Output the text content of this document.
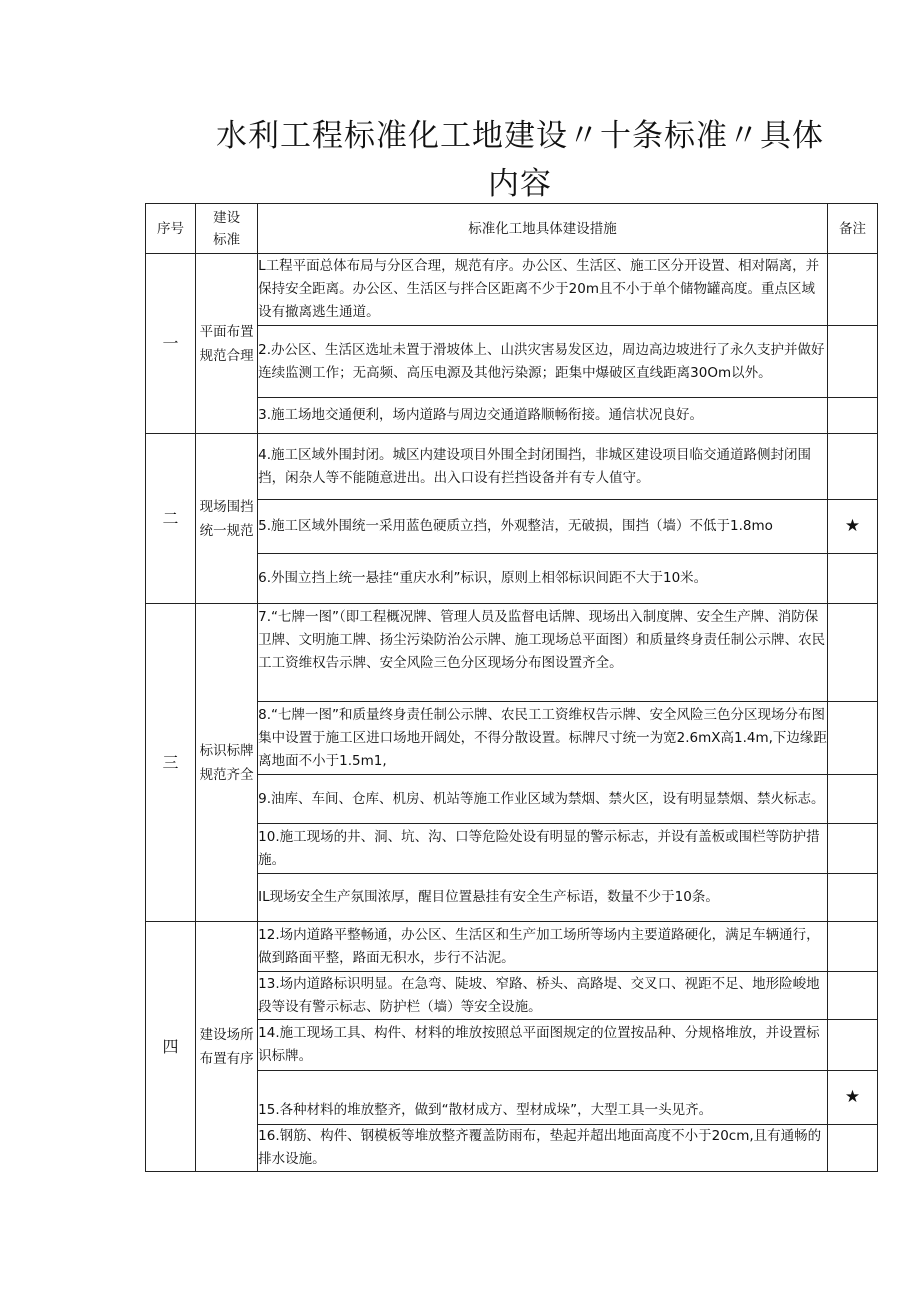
水利工程标准化工地建设〃十条标准〃具体
内容
序号	建设标准	标准化工地具体建设措施	备注
一	平面布置规范合理	L工程平面总体布局与分区合理，规范有序。办公区、生活区、施工区分开设置、相对隔离，并保持安全距离。办公区、生活区与拌合区距离不少于20m且不小于单个储物罐高度。重点区域设有撤离逃生通道。	
		2.办公区、生活区选址未置于滑坡体上、山洪灾害易发区边，周边高边坡进行了永久支护并做好连续监测工作；无高频、高压电源及其他污染源；距集中爆破区直线距离30Om以外。	
		3.施工场地交通便利，场内道路与周边交通道路顺畅衔接。通信状况良好。	
二	现场围挡统一规范	4.施工区域外围封闭。城区内建设项目外围全封闭围挡，非城区建设项目临交通道路侧封闭围挡，闲杂人等不能随意进出。出入口设有拦挡设备并有专人值守。	
		5.施工区域外围统一采用蓝色硬质立挡，外观整洁，无破损，围挡（墙）不低于1.8mo	★
		6.外围立挡上统一悬挂“重庆水利”标识，原则上相邻标识间距不大于10米。	
三	标识标牌规范齐全	7.“七牌一图”（即工程概况牌、管理人员及监督电话牌、现场出入制度牌、安全生产牌、消防保卫牌、文明施工牌、扬尘污染防治公示牌、施工现场总平面图）和质量终身责任制公示牌、农民工工资维权告示牌、安全风险三色分区现场分布图设置齐全。	
		8.“七牌一图”和质量终身责任制公示牌、农民工工资维权告示牌、安全风险三色分区现场分布图集中设置于施工区进口场地开阔处，不得分散设置。标牌尺寸统一为宽2.6mX高1.4m,下边缘距离地面不小于1.5m1,	
		9.油库、车间、仓库、机房、机站等施工作业区域为禁烟、禁火区，设有明显禁烟、禁火标志。	
		10.施工现场的井、洞、坑、沟、口等危险处设有明显的警示标志，并设有盖板或围栏等防护措施。	
		IL现场安全生产氛围浓厚，醒目位置悬挂有安全生产标语，数量不少于10条。	
四	建设场所布置有序	12.场内道路平整畅通，办公区、生活区和生产加工场所等场内主要道路硬化，满足车辆通行，做到路面平整，路面无积水，步行不沾泥。	
		13.场内道路标识明显。在急弯、陡坡、窄路、桥头、高路堤、交叉口、视距不足、地形险峻地段等设有警示标志、防护栏（墙）等安全设施。	
		14.施工现场工具、构件、材料的堆放按照总平面图规定的位置按品种、分规格堆放，并设置标识标牌。	
		15.各种材料的堆放整齐，做到“散材成方、型材成垛”，大型工具一头见齐。	★
		16.钢筋、构件、钢模板等堆放整齐覆盖防雨布，垫起并超出地面高度不小于20cm,且有通畅的排水设施。	
